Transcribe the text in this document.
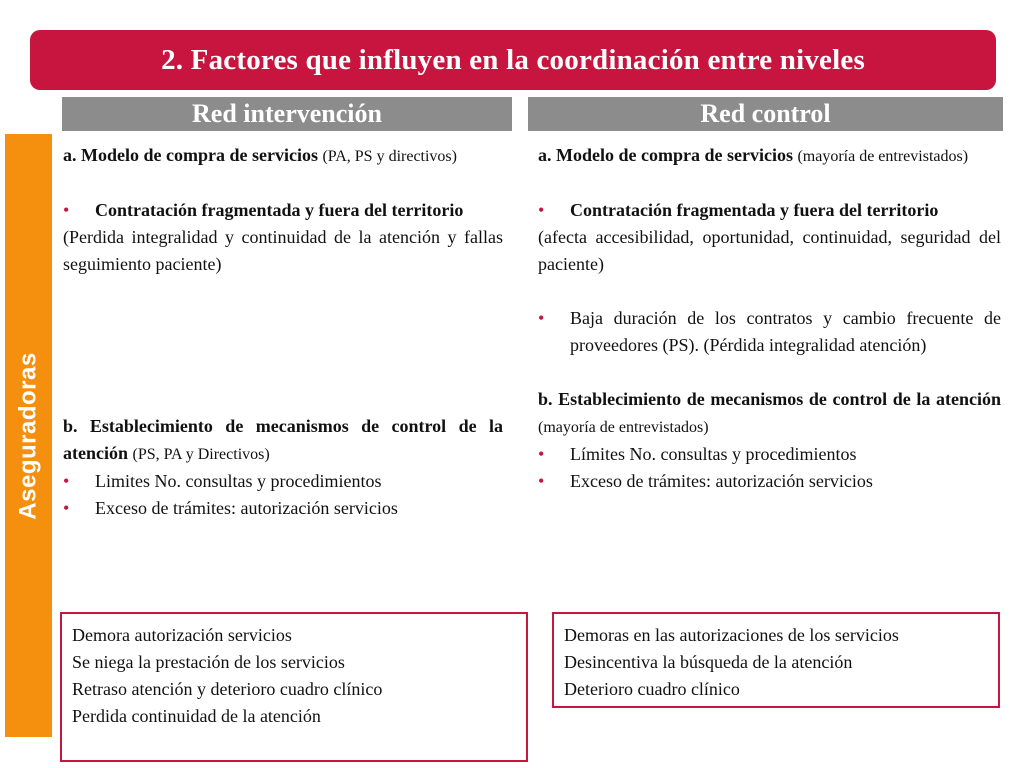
2. Factores que influyen en la coordinación entre niveles
Red intervención	Red control
Aseguradoras
a. Modelo de compra de servicios (PA, PS y directivos)
•	Contratación fragmentada y fuera del territorio
(Perdida integralidad y continuidad de la atención y fallas seguimiento paciente)
b. Establecimiento de mecanismos de control de la atención (PS, PA y Directivos)
•	Limites No. consultas y procedimientos
•	Exceso de trámites: autorización servicios
a. Modelo de compra de servicios (mayoría de entrevistados)
•	Contratación fragmentada y fuera del territorio
(afecta accesibilidad, oportunidad, continuidad, seguridad del paciente)
•	Baja duración de los contratos y cambio frecuente de proveedores (PS). (Pérdida integralidad atención)
b. Establecimiento de mecanismos de control de la atención (mayoría de entrevistados)
•	Límites No. consultas y procedimientos
•	Exceso de trámites: autorización servicios
Demora autorización servicios
Se niega la prestación de los servicios
Retraso atención y deterioro cuadro clínico
Perdida continuidad de la atención
Demoras en las autorizaciones de los servicios
Desincentiva la búsqueda de la atención
Deterioro cuadro clínico
